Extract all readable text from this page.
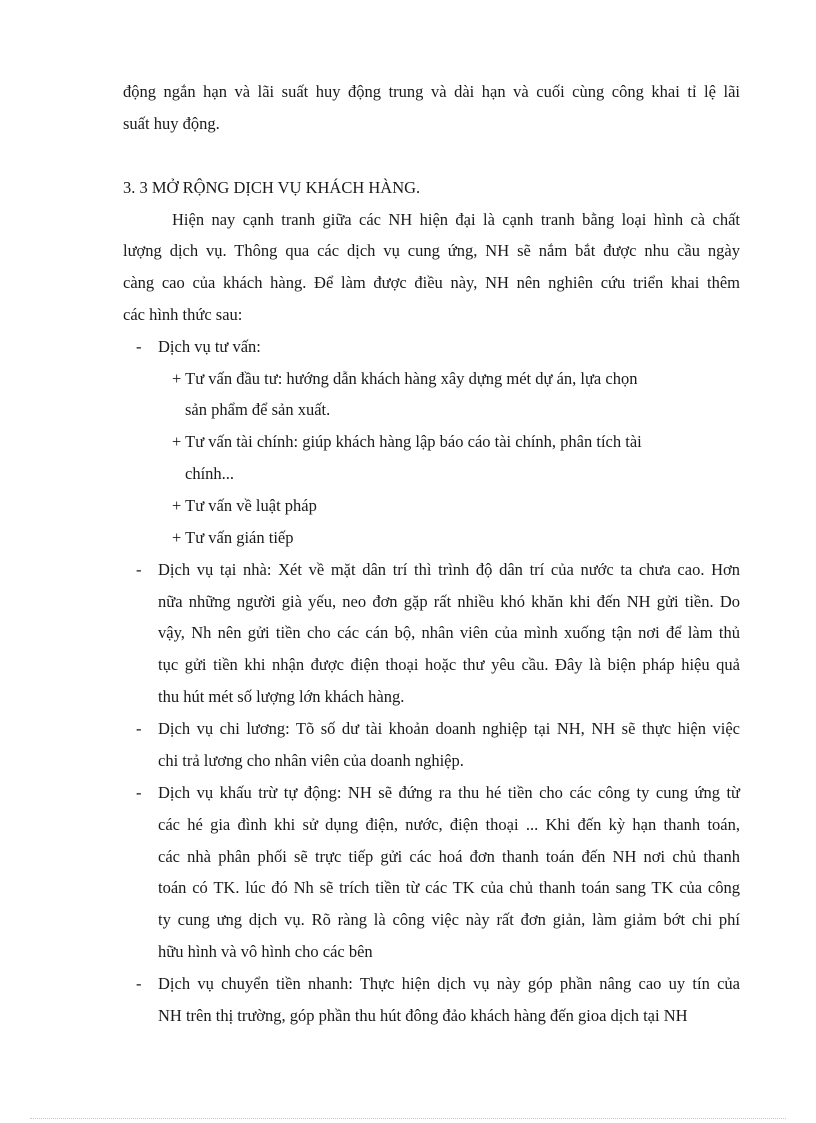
động ngắn hạn và lãi suất huy động trung và dài hạn và cuối cùng công khai tỉ lệ lãi
suất huy động.
3. 3 MỞ RỘNG DỊCH VỤ KHÁCH HÀNG.
Hiện nay cạnh tranh giữa các NH hiện đại là cạnh tranh bằng loại hình cà chất
lượng dịch vụ. Thông qua các dịch vụ cung ứng, NH sẽ nắm bắt được nhu cầu ngày
càng cao của khách hàng. Để làm được điều này, NH nên nghiên cứu triển khai thêm
các hình thức sau:
- Dịch vụ tư vấn:
+ Tư vấn đầu tư: hướng dẫn khách hàng xây dựng mét dự án, lựa chọn
sản phẩm để sản xuất.
+ Tư vấn tài chính: giúp khách hàng lập báo cáo tài chính, phân tích tài
chính...
+ Tư vấn về luật pháp
+ Tư vấn gián tiếp
- Dịch vụ tại nhà: Xét về mặt dân trí thì trình độ dân trí của nước ta chưa cao. Hơn
nữa những người già yếu, neo đơn gặp rất nhiều khó khăn khi đến NH gửi tiền. Do
vậy, Nh nên gửi tiền cho các cán bộ, nhân viên của mình xuống tận nơi để làm thủ
tục gửi tiền khi nhận được điện thoại hoặc thư yêu cầu. Đây là biện pháp hiệu quả
thu hút mét số lượng lớn khách hàng.
- Dịch vụ chi lương: Tõ số dư tài khoản doanh nghiệp tại NH, NH sẽ thực hiện việc
chi trả lương cho nhân viên của doanh nghiệp.
- Dịch vụ khấu trừ tự động: NH sẽ đứng ra thu hé tiền cho các công ty cung ứng từ
các hé gia đình khi sử dụng điện, nước, điện thoại ... Khi đến kỳ hạn thanh toán,
các nhà phân phối sẽ trực tiếp gửi các hoá đơn thanh toán đến NH nơi chủ thanh
toán có TK. lúc đó Nh sẽ trích tiền từ các TK của chủ thanh toán sang TK của công
ty cung ưng dịch vụ. Rõ ràng là công việc này rất đơn giản, làm giảm bớt chi phí
hữu hình và vô hình cho các bên
- Dịch vụ chuyển tiền nhanh: Thực hiện dịch vụ này góp phần nâng cao uy tín của
NH trên thị trường, góp phần thu hút đông đảo khách hàng đến gioa dịch tại NH
